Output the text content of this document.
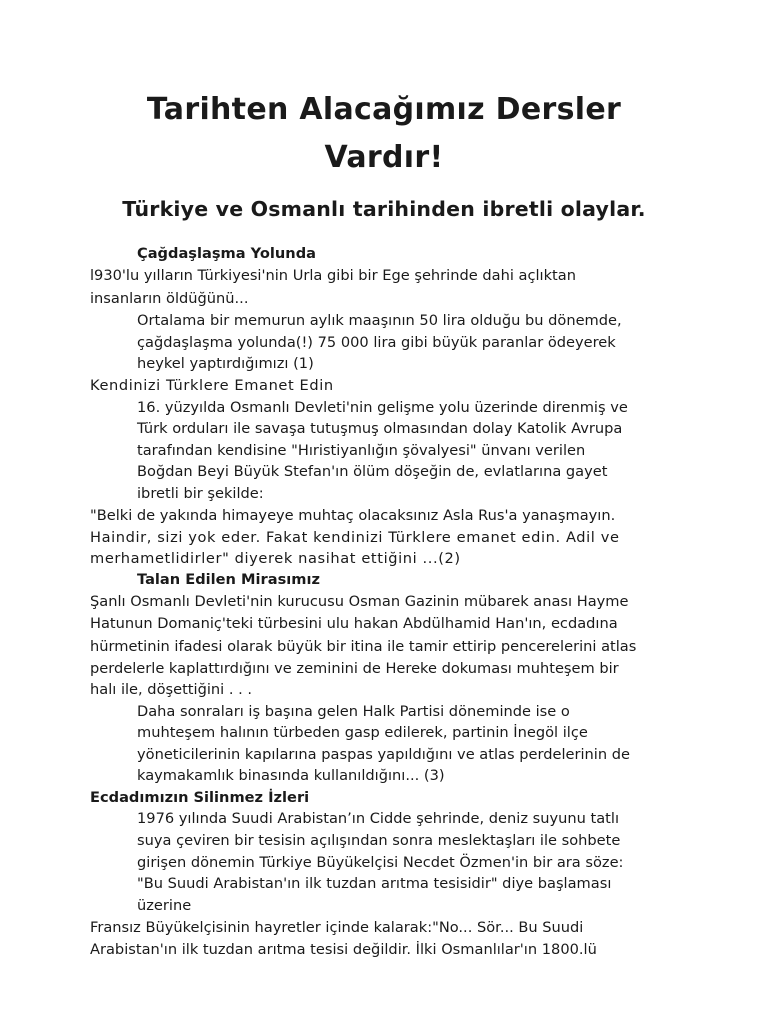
Tarihten Alacağımız Dersler
Vardır!
Türkiye ve Osmanlı tarihinden ibretli olaylar.
Çağdaşlaşma Yolunda
l930'lu yılların Türkiyesi'nin Urla gibi bir Ege şehrinde dahi açlıktan
insanların öldüğünü...
Ortalama bir memurun aylık maaşının 50 lira olduğu bu dönemde,
çağdaşlaşma yolunda(!) 75 000 lira gibi büyük paranlar ödeyerek
heykel yaptırdığımızı (1)
Kendinizi Türklere Emanet Edin
16. yüzyılda Osmanlı Devleti'nin gelişme yolu üzerinde direnmiş ve
Türk orduları ile savaşa tutuşmuş olmasından dolay Katolik Avrupa
tarafından kendisine "Hıristiyanlığın şövalyesi" ünvanı verilen
Boğdan Beyi Büyük Stefan'ın ölüm döşeğin de, evlatlarına gayet
ibretli bir şekilde:
"Belki de yakında himayeye muhtaç olacaksınız Asla Rus'a yanaşmayın.
Haindir, sizi yok eder. Fakat kendinizi Türklere emanet edin. Adil ve
merhametlidirler" diyerek nasihat ettiğini ...(2)
Talan Edilen Mirasımız
Şanlı Osmanlı Devleti'nin kurucusu Osman Gazinin mübarek anası Hayme
Hatunun Domaniç'teki türbesini ulu hakan Abdülhamid Han'ın, ecdadına
hürmetinin ifadesi olarak büyük bir itina ile tamir ettirip pencerelerini atlas
perdelerle kaplattırdığını ve zeminini de Hereke dokuması muhteşem bir
halı ile, döşettiğini . . .
Daha sonraları iş başına gelen Halk Partisi döneminde ise o
muhteşem halının türbeden gasp edilerek, partinin İnegöl ilçe
yöneticilerinin kapılarına paspas yapıldığını ve atlas perdelerinin de
kaymakamlık binasında kullanıldığını... (3)
Ecdadımızın Silinmez İzleri
1976 yılında Suudi Arabistan’ın Cidde şehrinde, deniz suyunu tatlı
suya çeviren bir tesisin açılışından sonra meslektaşları ile sohbete
girişen dönemin Türkiye Büyükelçisi Necdet Özmen'in bir ara söze:
"Bu Suudi Arabistan'ın ilk tuzdan arıtma tesisidir" diye başlaması
üzerine
Fransız Büyükelçisinin hayretler içinde kalarak:"No... Sör... Bu Suudi
Arabistan'ın ilk tuzdan arıtma tesisi değildir. İlki Osmanlılar'ın 1800.lü
